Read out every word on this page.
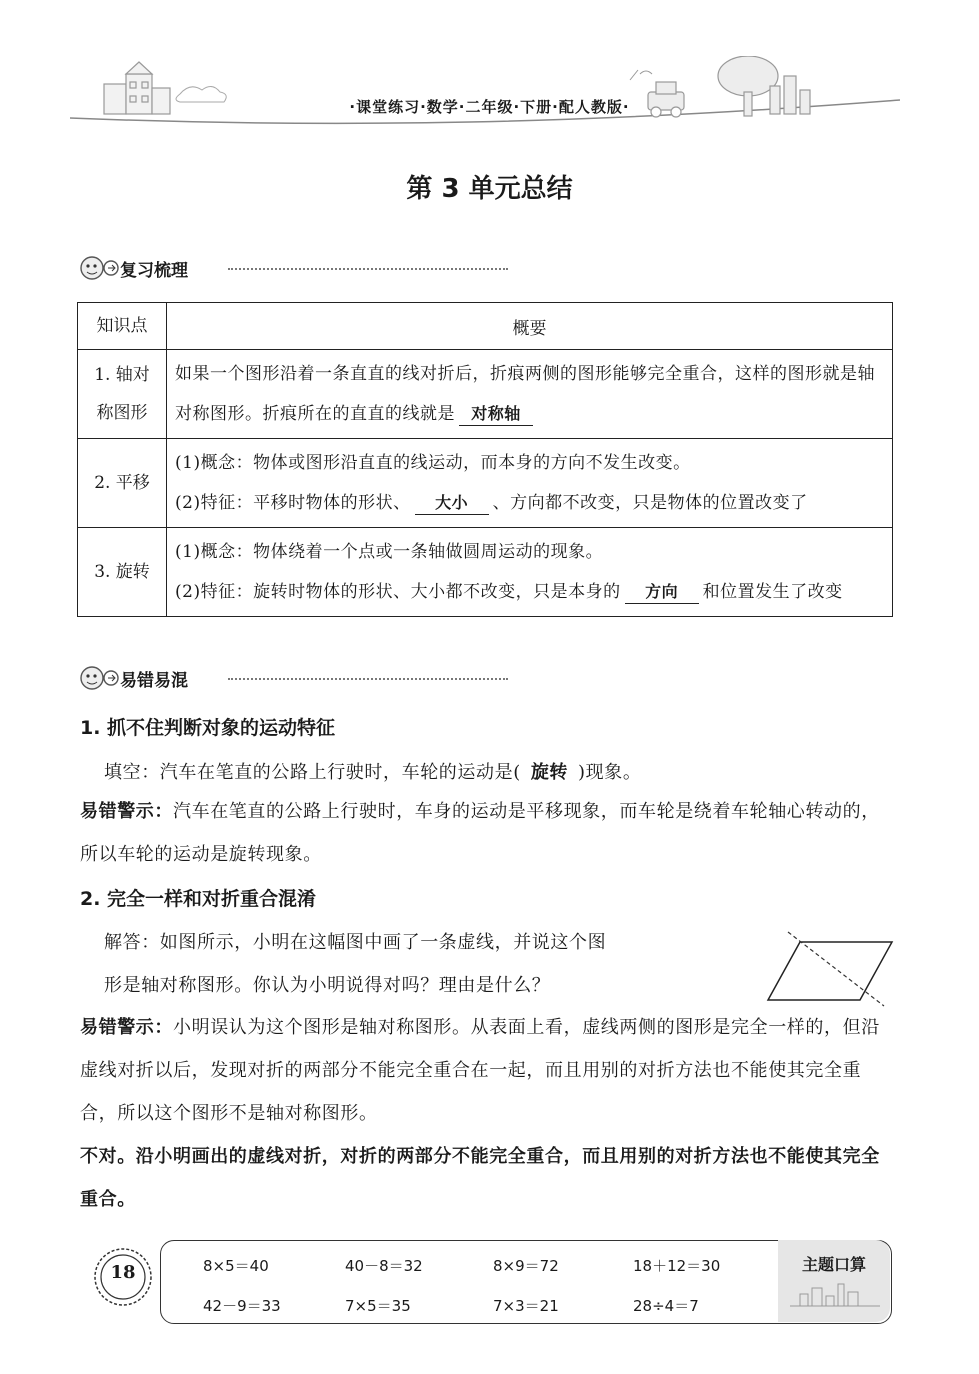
·课堂练习·数学·二年级·下册·配人教版·
第 3 单元总结
复习梳理
知识点	概要
1. 轴对称图形	如果一个图形沿着一条直直的线对折后，折痕两侧的图形能够完全重合，这样的图形就是轴对称图形。折痕所在的直直的线就是 对称轴
2. 平移	(1)概念：物体或图形沿直直的线运动，而本身的方向不发生改变。
(2)特征：平移时物体的形状、 大小 、方向都不改变，只是物体的位置改变了

3. 旋转	(1)概念：物体绕着一个点或一条轴做圆周运动的现象。
(2)特征：旋转时物体的形状、大小都不改变，只是本身的 方向 和位置发生了改变
易错易混
1. 抓不住判断对象的运动特征
填空：汽车在笔直的公路上行驶时，车轮的运动是( 旋转 )现象。
易错警示：汽车在笔直的公路上行驶时，车身的运动是平移现象，而车轮是绕着车轮轴心转动的，所以车轮的运动是旋转现象。
2. 完全一样和对折重合混淆
解答：如图所示，小明在这幅图中画了一条虚线，并说这个图
形是轴对称图形。你认为小明说得对吗？理由是什么？
易错警示：小明误认为这个图形是轴对称图形。从表面上看，虚线两侧的图形是完全一样的，但沿虚线对折以后，发现对折的两部分不能完全重合在一起，而且用别的对折方法也不能使其完全重合，所以这个图形不是轴对称图形。
不对。沿小明画出的虚线对折，对折的两部分不能完全重合，而且用别的对折方法也不能使其完全重合。
18	主题口算
8×5＝40	40－8＝32	8×9＝72	18＋12＝30
42－9＝33	7×5＝35	7×3＝21	28÷4＝7
